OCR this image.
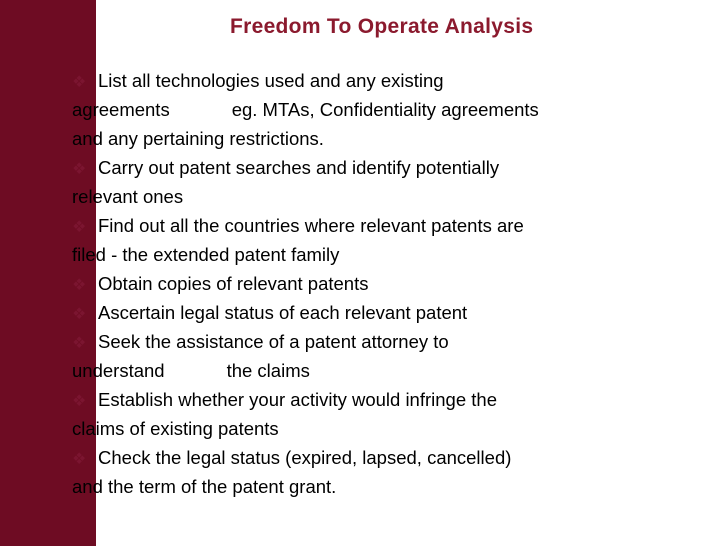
Freedom To Operate Analysis
❖ List all technologies used and any existing
agreements	eg. MTAs, Confidentiality agreements
and any pertaining restrictions.
❖ Carry out patent searches and identify potentially
relevant ones
❖ Find out all the countries where relevant patents are
filed - the extended patent family
❖ Obtain copies of relevant patents
❖ Ascertain legal status of each relevant patent
❖ Seek the assistance of a patent attorney to
understand	the claims
❖ Establish whether your activity would infringe the
claims of existing patents
❖ Check the legal status (expired, lapsed, cancelled)
and the term of the patent grant.
